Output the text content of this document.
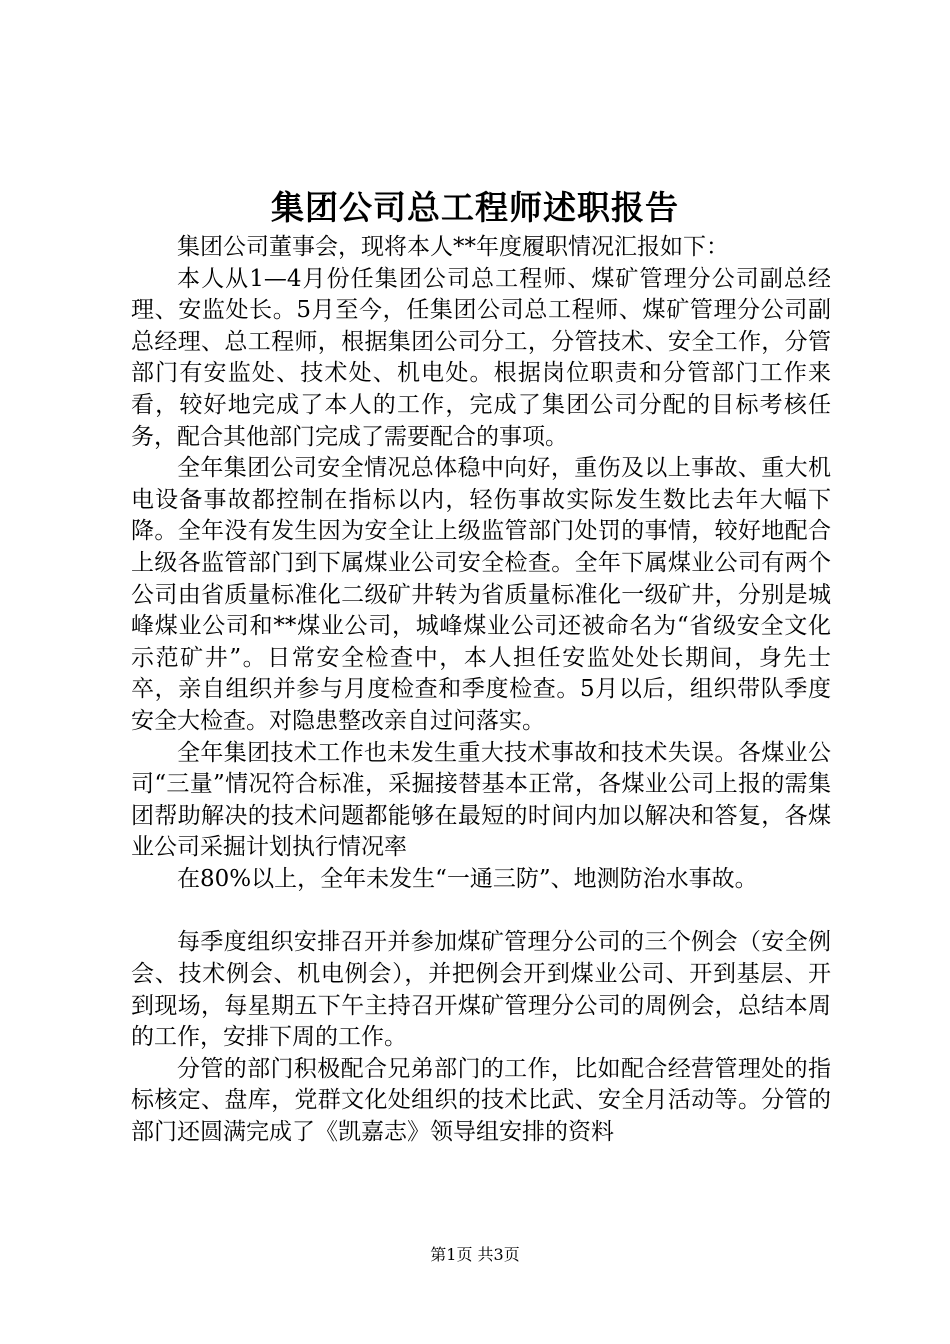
集团公司总工程师述职报告

集团公司董事会，现将本人**年度履职情况汇报如下：

本人从1—4月份任集团公司总工程师、煤矿管理分公司副总经理、安监处长。5月至今，任集团公司总工程师、煤矿管理分公司副总经理、总工程师，根据集团公司分工，分管技术、安全工作，分管部门有安监处、技术处、机电处。根据岗位职责和分管部门工作来看，较好地完成了本人的工作，完成了集团公司分配的目标考核任务，配合其他部门完成了需要配合的事项。

全年集团公司安全情况总体稳中向好，重伤及以上事故、重大机电设备事故都控制在指标以内，轻伤事故实际发生数比去年大幅下降。全年没有发生因为安全让上级监管部门处罚的事情，较好地配合上级各监管部门到下属煤业公司安全检查。全年下属煤业公司有两个公司由省质量标准化二级矿井转为省质量标准化一级矿井，分别是城峰煤业公司和**煤业公司，城峰煤业公司还被命名为“省级安全文化示范矿井”。日常安全检查中，本人担任安监处处长期间，身先士卒，亲自组织并参与月度检查和季度检查。5月以后，组织带队季度安全大检查。对隐患整改亲自过问落实。

全年集团技术工作也未发生重大技术事故和技术失误。各煤业公司“三量”情况符合标准，采掘接替基本正常，各煤业公司上报的需集团帮助解决的技术问题都能够在最短的时间内加以解决和答复，各煤业公司采掘计划执行情况率

在80%以上，全年未发生“一通三防”、地测防治水事故。

每季度组织安排召开并参加煤矿管理分公司的三个例会（安全例会、技术例会、机电例会），并把例会开到煤业公司、开到基层、开到现场，每星期五下午主持召开煤矿管理分公司的周例会，总结本周的工作，安排下周的工作。

分管的部门积极配合兄弟部门的工作，比如配合经营管理处的指标核定、盘库，党群文化处组织的技术比武、安全月活动等。分管的部门还圆满完成了《凯嘉志》领导组安排的资料

第1页 共3页
